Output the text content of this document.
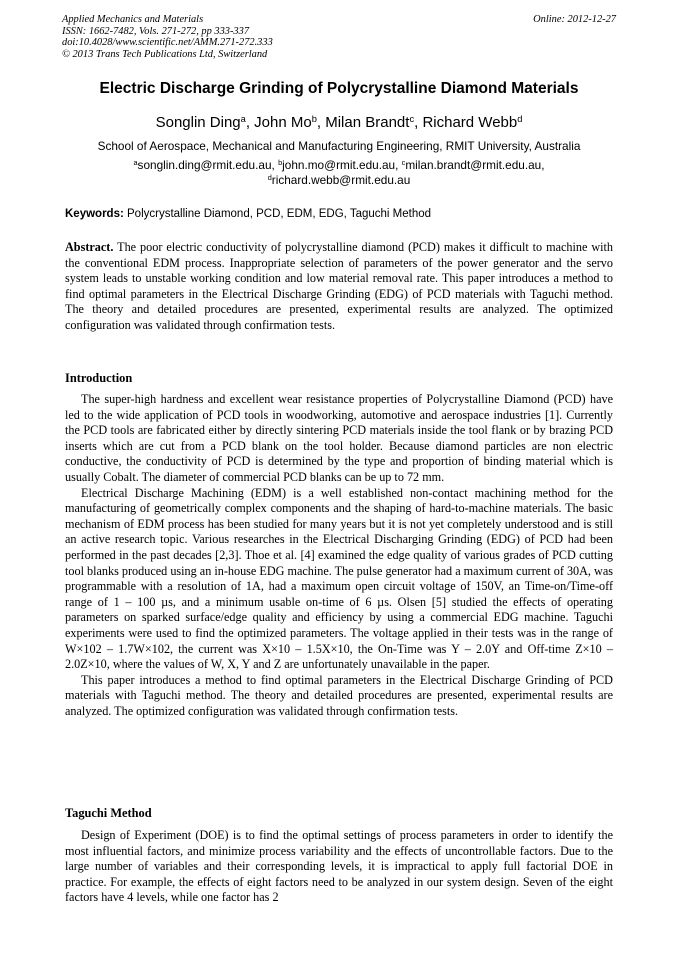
Applied Mechanics and Materials
ISSN: 1662-7482, Vols. 271-272, pp 333-337
doi:10.4028/www.scientific.net/AMM.271-272.333
© 2013 Trans Tech Publications Ltd, Switzerland
Online: 2012-12-27
Electric Discharge Grinding of Polycrystalline Diamond Materials
Songlin Ding$^a$, John Mo$^b$, Milan Brandt$^c$, Richard Webb$^d$
School of Aerospace, Mechanical and Manufacturing Engineering, RMIT University, Australia
$^a$songlin.ding@rmit.edu.au, $^b$john.mo@rmit.edu.au, $^c$milan.brandt@rmit.edu.au,
$^d$richard.webb@rmit.edu.au
Keywords: Polycrystalline Diamond, PCD, EDM, EDG, Taguchi Method

Abstract. The poor electric conductivity of polycrystalline diamond (PCD) makes it difficult to machine with the conventional EDM process. Inappropriate selection of parameters of the power generator and the servo system leads to unstable working condition and low material removal rate. This paper introduces a method to find optimal parameters in the Electrical Discharge Grinding (EDG) of PCD materials with Taguchi method. The theory and detailed procedures are presented, experimental results are analyzed. The optimized configuration was validated through confirmation tests.

Introduction

The super-high hardness and excellent wear resistance properties of Polycrystalline Diamond (PCD) have led to the wide application of PCD tools in woodworking, automotive and aerospace industries [1]. Currently the PCD tools are fabricated either by directly sintering PCD materials inside the tool flank or by brazing PCD inserts which are cut from a PCD blank on the tool holder. Because diamond particles are non electric conductive, the conductivity of PCD is determined by the type and proportion of binding material which is usually Cobalt. The diameter of commercial PCD blanks can be up to 72 mm.

Electrical Discharge Machining (EDM) is a well established non-contact machining method for the manufacturing of geometrically complex components and the shaping of hard-to-machine materials. The basic mechanism of EDM process has been studied for many years but it is not yet completely understood and is still an active research topic. Various researches in the Electrical Discharging Grinding (EDG) of PCD had been performed in the past decades [2,3]. Thoe et al. [4] examined the edge quality of various grades of PCD cutting tool blanks produced using an in-house EDG machine. The pulse generator had a maximum current of 30A, was programmable with a resolution of 1A, had a maximum open circuit voltage of 150V, an Time-on/Time-off range of 1 – 100 µs, and a minimum usable on-time of 6 µs. Olsen [5] studied the effects of operating parameters on sparked surface/edge quality and efficiency by using a commercial EDG machine. Taguchi experiments were used to find the optimized parameters. The voltage applied in their tests was in the range of W×102 – 1.7W×102, the current was X×10 – 1.5X×10, the On-Time was Y – 2.0Y and Off-time Z×10 – 2.0Z×10, where the values of W, X, Y and Z are unfortunately unavailable in the paper.

This paper introduces a method to find optimal parameters in the Electrical Discharge Grinding of PCD materials with Taguchi method. The theory and detailed procedures are presented, experimental results are analyzed. The optimized configuration was validated through confirmation tests.

Taguchi Method

Design of Experiment (DOE) is to find the optimal settings of process parameters in order to identify the most influential factors, and minimize process variability and the effects of uncontrollable factors. Due to the large number of variables and their corresponding levels, it is impractical to apply full factorial DOE in practice. For example, the effects of eight factors need to be analyzed in our system design. Seven of the eight factors have 4 levels, while one factor has 2
